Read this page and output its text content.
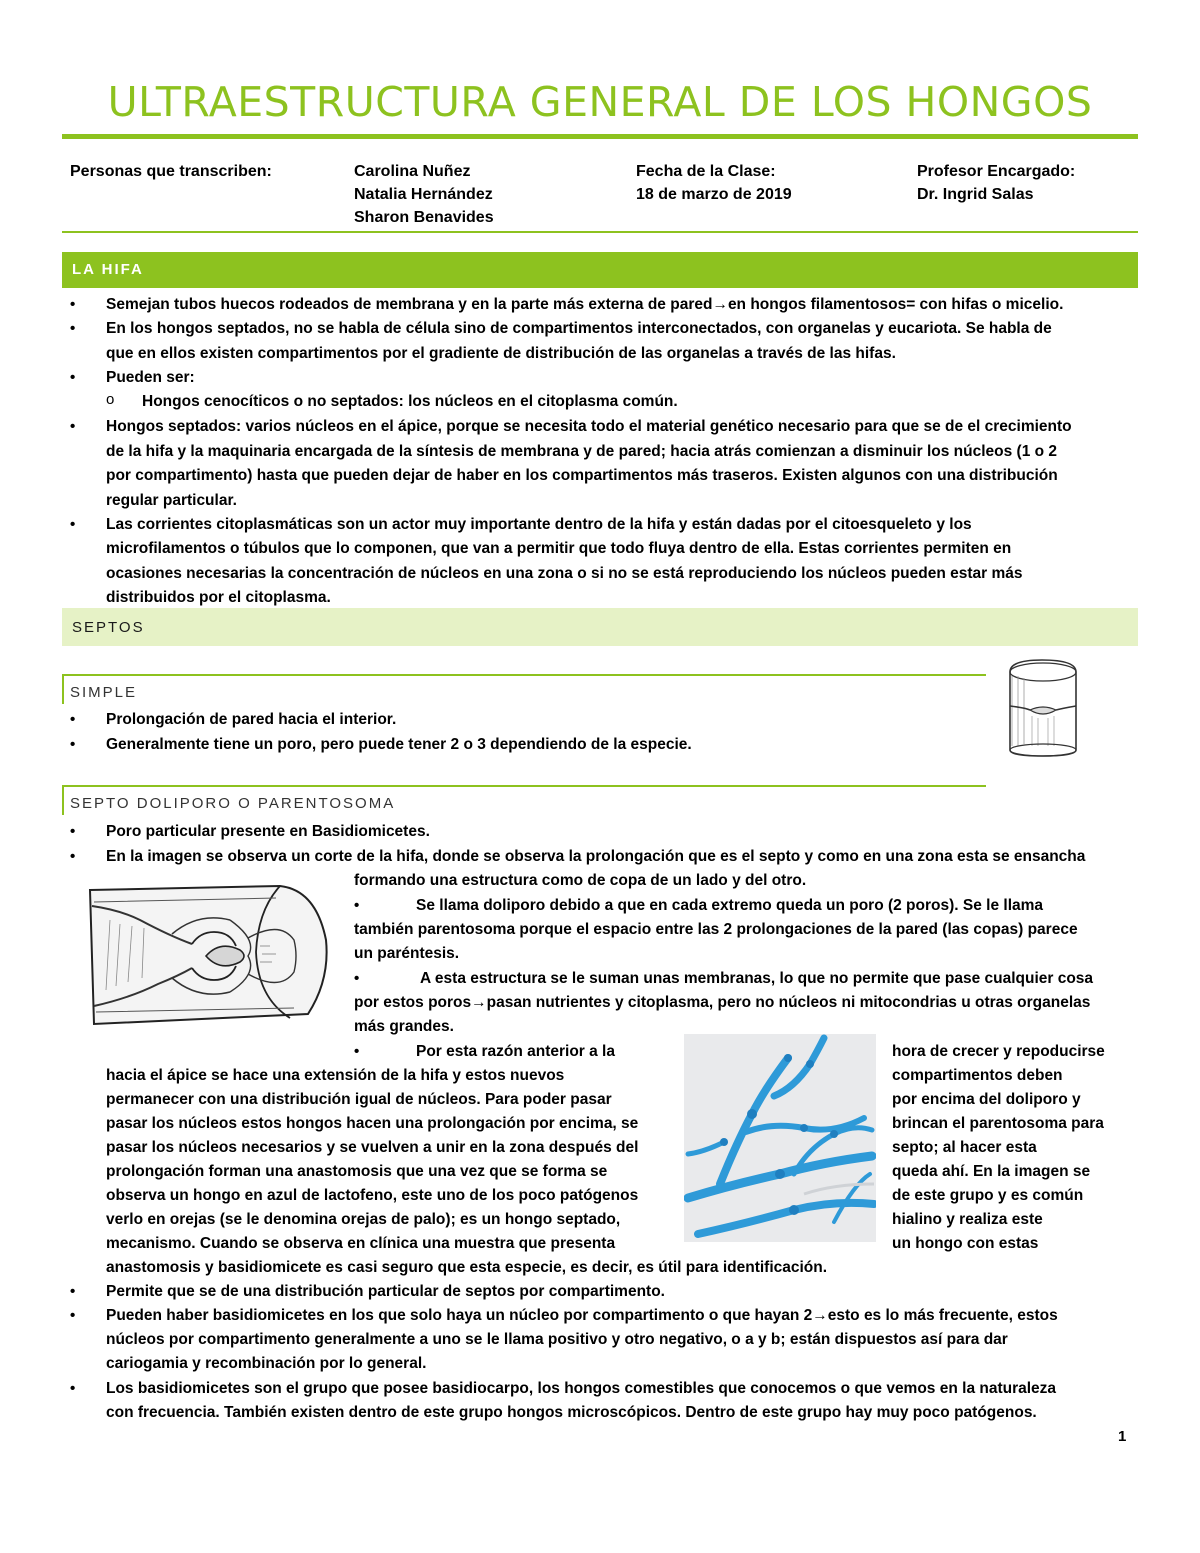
ULTRAESTRUCTURA GENERAL DE LOS HONGOS
Personas que transcriben:	Carolina Nuñez
Natalia Hernández
Sharon Benavides
Fecha de la Clase:
18 de marzo de 2019
Profesor Encargado:
Dr. Ingrid Salas
LA HIFA
• Semejan tubos huecos rodeados de membrana y en la parte más externa de pared→en hongos filamentosos= con hifas o micelio.
• En los hongos septados, no se habla de célula sino de compartimentos interconectados, con organelas y eucariota. Se habla de
que en ellos existen compartimentos por el gradiente de distribución de las organelas a través de las hifas.
• Pueden ser:
o Hongos cenocíticos o no septados: los núcleos en el citoplasma común.
• Hongos septados: varios núcleos en el ápice, porque se necesita todo el material genético necesario para que se de el crecimiento
de la hifa y la maquinaria encargada de la síntesis de membrana y de pared; hacia atrás comienzan a disminuir los núcleos (1 o 2
por compartimento) hasta que pueden dejar de haber en los compartimentos más traseros. Existen algunos con una distribución
regular particular.
• Las corrientes citoplasmáticas son un actor muy importante dentro de la hifa y están dadas por el citoesqueleto y los
microfilamentos o túbulos que lo componen, que van a permitir que todo fluya dentro de ella. Estas corrientes permiten en
ocasiones necesarias la concentración de núcleos en una zona o si no se está reproduciendo los núcleos pueden estar más
distribuidos por el citoplasma.
SEPTOS
SIMPLE
• Prolongación de pared hacia el interior.
• Generalmente tiene un poro, pero puede tener 2 o 3 dependiendo de la especie.
SEPTO DOLIPORO O PARENTOSOMA
• Poro particular presente en Basidiomicetes.
• En la imagen se observa un corte de la hifa, donde se observa la prolongación que es el septo y como en una zona esta se ensancha
formando una estructura como de copa de un lado y del otro.
•	Se llama doliporo debido a que en cada extremo queda un poro (2 poros). Se le llama
también parentosoma porque el espacio entre las 2 prolongaciones de la pared (las copas) parece
un paréntesis.
•	A esta estructura se le suman unas membranas, lo que no permite que pase cualquier cosa
por estos poros→pasan nutrientes y citoplasma, pero no núcleos ni mitocondrias u otras organelas
más grandes.
•	Por esta razón anterior a la
hacia el ápice se hace una extensión de la hifa y estos nuevos
permanecer con una distribución igual de núcleos. Para poder pasar
pasar los núcleos estos hongos hacen una prolongación por encima, se
pasar los núcleos necesarios y se vuelven a unir en la zona después del
prolongación forman una anastomosis que una vez que se forma se
observa un hongo en azul de lactofeno, este uno de los poco patógenos
verlo en orejas (se le denomina orejas de palo); es un hongo septado,
mecanismo. Cuando se observa en clínica una muestra que presenta
hora de crecer y repoducirse
compartimentos deben
por encima del doliporo y
brincan el parentosoma para
septo; al hacer esta
queda ahí. En la imagen se
de este grupo y es común
hialino y realiza este
un hongo con estas
anastomosis y basidiomicete es casi seguro que esta especie, es decir, es útil para identificación.
• Permite que se de una distribución particular de septos por compartimento.
• Pueden haber basidiomicetes en los que solo haya un núcleo por compartimento o que hayan 2→esto es lo más frecuente, estos
núcleos por compartimento generalmente a uno se le llama positivo y otro negativo, o a y b; están dispuestos así para dar
cariogamia y recombinación por lo general.
• Los basidiomicetes son el grupo que posee basidiocarpo, los hongos comestibles que conocemos o que vemos en la naturaleza
con frecuencia. También existen dentro de este grupo hongos microscópicos. Dentro de este grupo hay muy poco patógenos.
1
